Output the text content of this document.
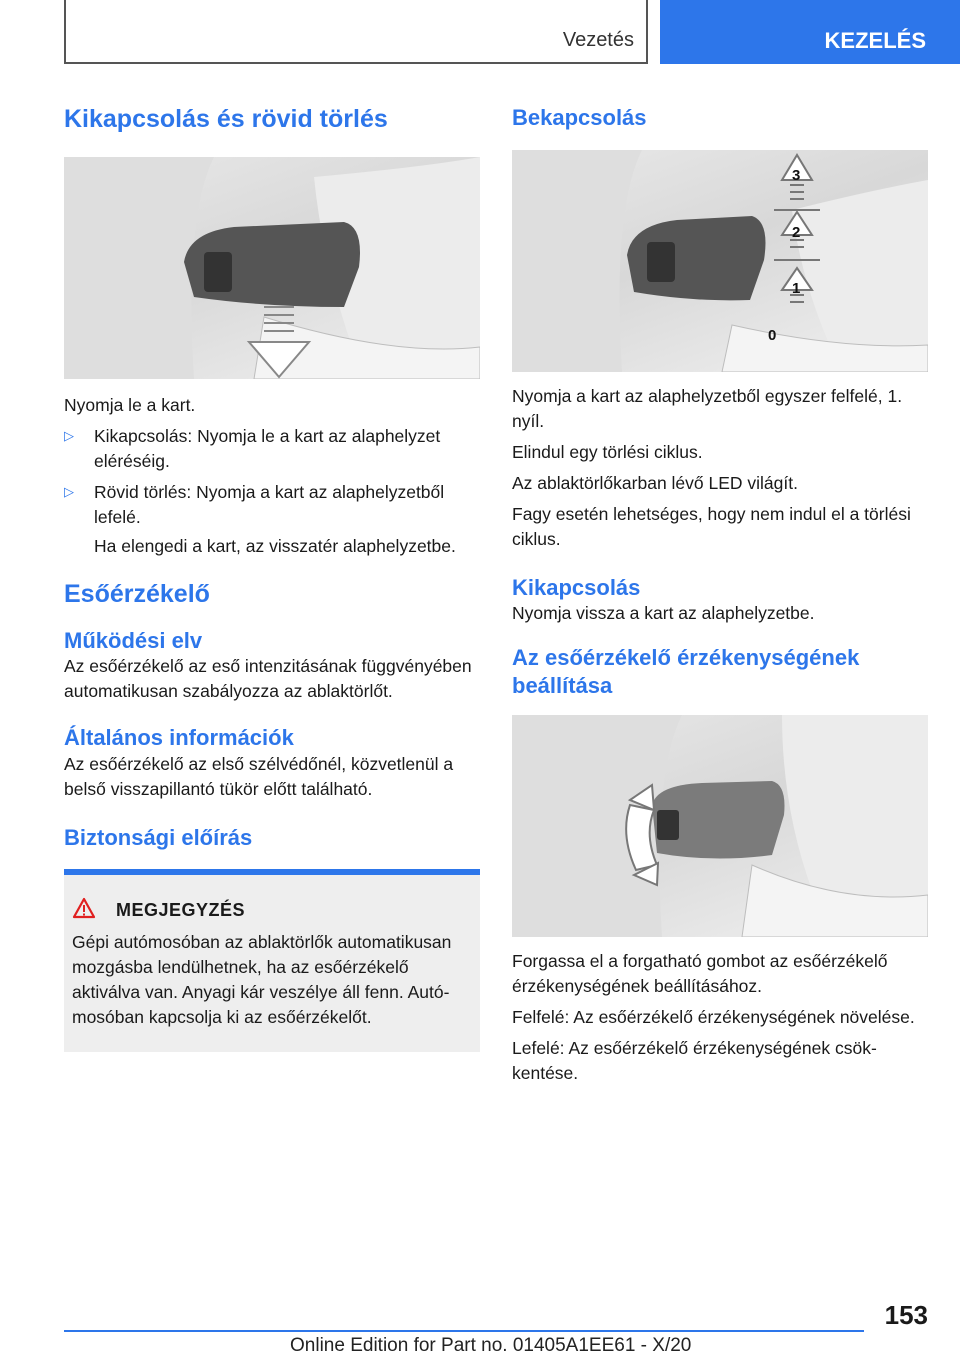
Vezetés	KEZELÉS
Kikapcsolás és rövid törlés

Nyomja le a kart.

▷	Kikapcsolás: Nyomja le a kart az alaphelyzet eléréséig.

▷	Rövid törlés: Nyomja a kart az alaphelyzetből lefelé.

Ha elengedi a kart, az visszatér alaphelyzetbe.

Esőérzékelő
Működési elv

Az esőérzékelő az eső intenzitásának függvényében automatikusan szabályozza az ablaktörlőt.

Általános információk

Az esőérzékelő az első szélvédőnél, közvetlenül a belső visszapillantó tükör előtt található.

Biztonsági előírás
MEGJEGYZÉS

Gépi autómosóban az ablaktörlők automatikusan mozgásba lendülhetnek, ha az esőérzékelő aktiválva van. Anyagi kár veszélye áll fenn. Autómosóban kapcsolja ki az esőérzékelőt.

Bekapcsolás
3
2
1
0

Nyomja a kart az alaphelyzetből egyszer felfelé, 1. nyíl.

Elindul egy törlési ciklus.

Az ablaktörlőkarban lévő LED világít.

Fagy esetén lehetséges, hogy nem indul el a törlési ciklus.

Kikapcsolás

Nyomja vissza a kart az alaphelyzetbe.

Az esőérzékelő érzékenységének beállítása

Forgassa el a forgatható gombot az esőérzékelő érzékenységének beállításához.

Felfelé: Az esőérzékelő érzékenységének növelése.

Lefelé: Az esőérzékelő érzékenységének csökkentése.

153
Online Edition for Part no. 01405A1EE61 - X/20
